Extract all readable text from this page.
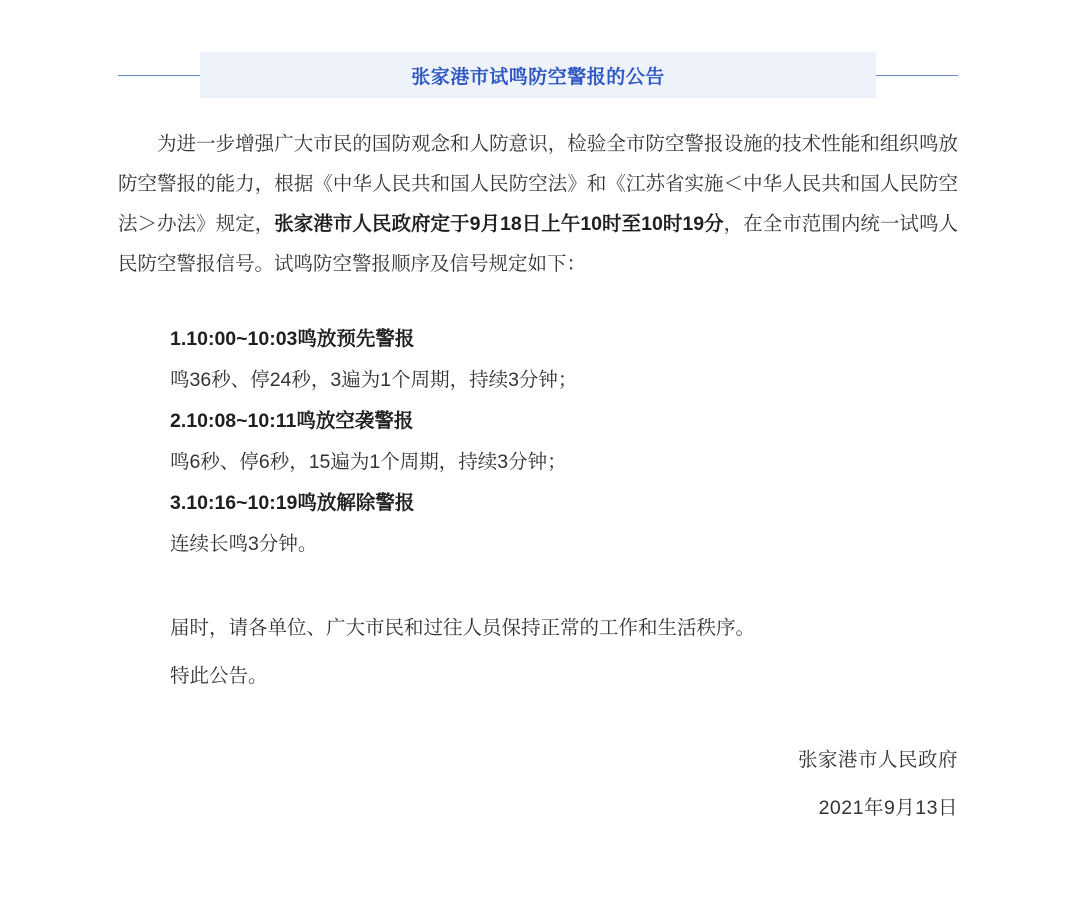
张家港市试鸣防空警报的公告

为进一步增强广大市民的国防观念和人防意识，检验全市防空警报设施的技术性能和组织鸣放防空警报的能力，根据《中华人民共和国人民防空法》和《江苏省实施＜中华人民共和国人民防空法＞办法》规定，张家港市人民政府定于9月18日上午10时至10时19分，在全市范围内统一试鸣人民防空警报信号。试鸣防空警报顺序及信号规定如下：

1.10:00~10:03鸣放预先警报

鸣36秒、停24秒，3遍为1个周期，持续3分钟；

2.10:08~10:11鸣放空袭警报

鸣6秒、停6秒，15遍为1个周期，持续3分钟；

3.10:16~10:19鸣放解除警报

连续长鸣3分钟。

届时，请各单位、广大市民和过往人员保持正常的工作和生活秩序。

特此公告。

张家港市人民政府

2021年9月13日
